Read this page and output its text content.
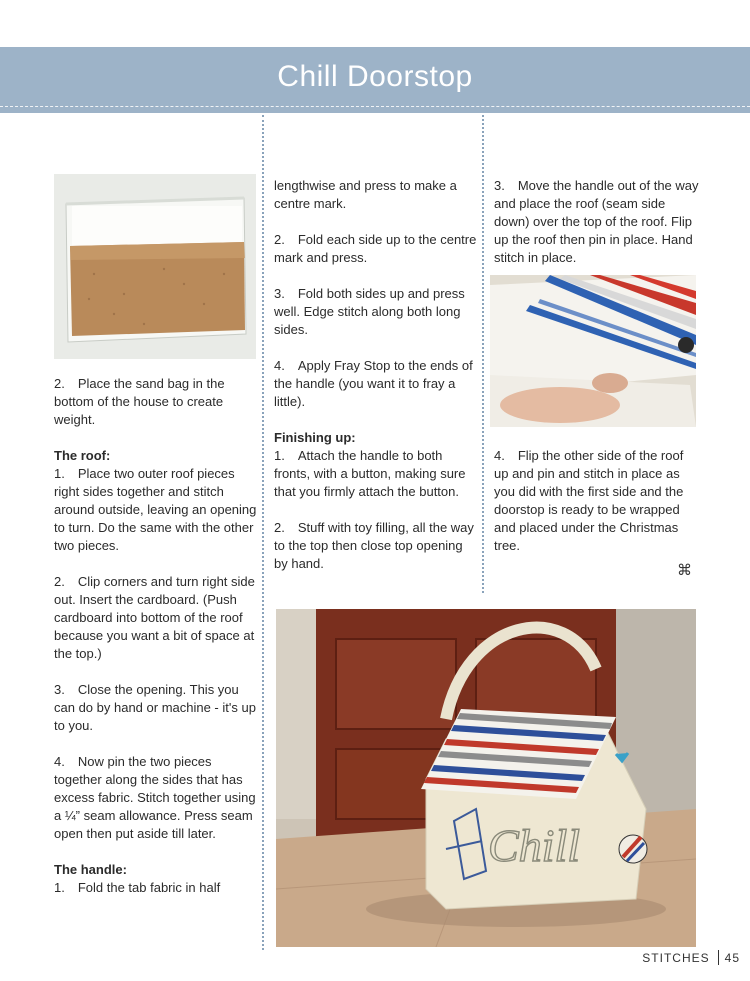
Chill Doorstop
Chill

2. Place the sand bag in the bottom of the house to create weight.

The roof:

1. Place two outer roof pieces right sides together and stitch around outside, leaving an opening to turn. Do the same with the other two pieces.

2. Clip corners and turn right side out. Insert the cardboard. (Push cardboard into bottom of the roof because you want a bit of space at the top.)

3. Close the opening. This you can do by hand or machine - it's up to you.

4. Now pin the two pieces together along the sides that has excess fabric. Stitch together using a ¼” seam allowance. Press seam open then put aside till later.

The handle:

1. Fold the tab fabric in half

lengthwise and press to make a centre mark.

2. Fold each side up to the centre mark and press.

3. Fold both sides up and press well. Edge stitch along both long sides.

4. Apply Fray Stop to the ends of the handle (you want it to fray a little).

Finishing up:

1. Attach the handle to both fronts, with a button, making sure that you firmly attach the button.

2. Stuff with toy filling, all the way to the top then close top opening by hand.

3. Move the handle out of the way and place the roof (seam side down) over the top of the roof. Flip up the roof then pin in place. Hand stitch in place.

4. Flip the other side of the roof up and pin and stitch in place as you did with the first side and the doorstop is ready to be wrapped and placed under the Christmas tree.

⌘
STITCHES 45
